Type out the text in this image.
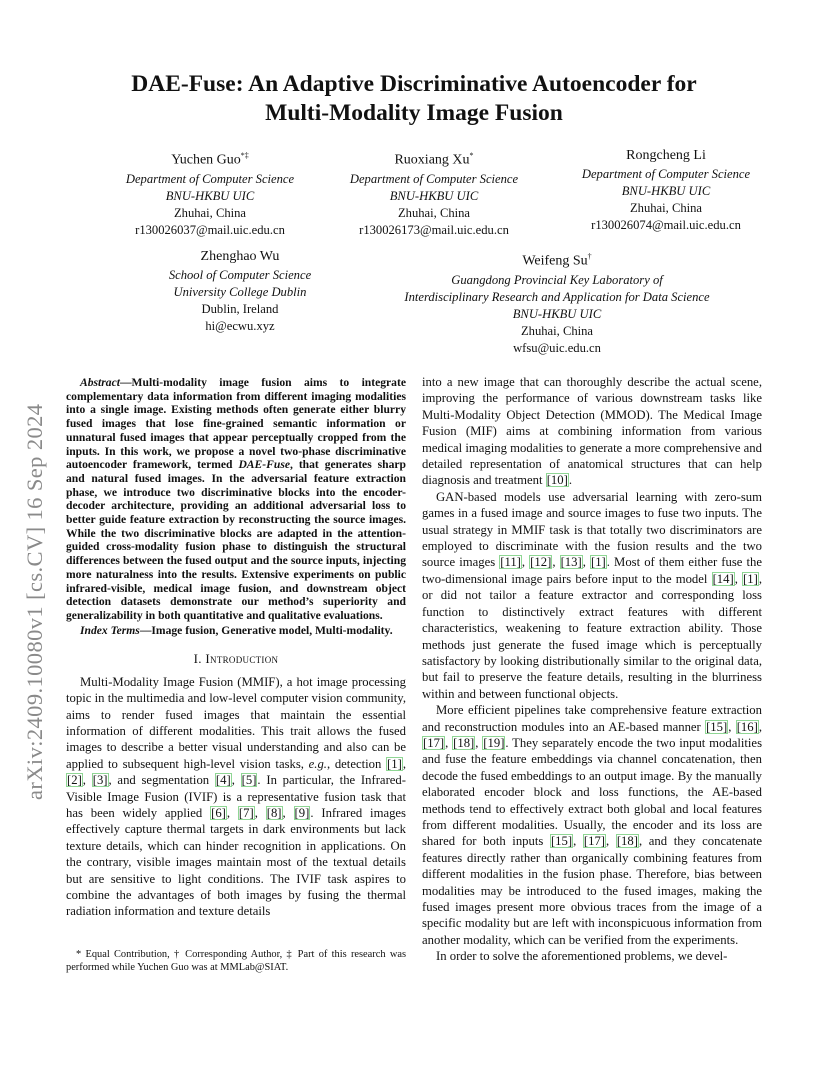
arXiv:2409.10080v1 [cs.CV] 16 Sep 2024
DAE-Fuse: An Adaptive Discriminative Autoencoder for
Multi-Modality Image Fusion
Yuchen Guo*‡
Department of Computer Science
BNU-HKBU UIC
Zhuhai, China
r130026037@mail.uic.edu.cn
Ruoxiang Xu*
Department of Computer Science
BNU-HKBU UIC
Zhuhai, China
r130026173@mail.uic.edu.cn
Rongcheng Li
Department of Computer Science
BNU-HKBU UIC
Zhuhai, China
r130026074@mail.uic.edu.cn
Zhenghao Wu
School of Computer Science
University College Dublin
Dublin, Ireland
hi@ecwu.xyz
Weifeng Su†
Guangdong Provincial Key Laboratory of
Interdisciplinary Research and Application for Data Science
BNU-HKBU UIC
Zhuhai, China
wfsu@uic.edu.cn

Abstract—Multi-modality image fusion aims to integrate complementary data information from different imaging modalities into a single image. Existing methods often generate either blurry fused images that lose fine-grained semantic information or unnatural fused images that appear perceptually cropped from the inputs. In this work, we propose a novel two-phase discriminative autoencoder framework, termed DAE-Fuse, that generates sharp and natural fused images. In the adversarial feature extraction phase, we introduce two discriminative blocks into the encoder-decoder architecture, providing an additional adversarial loss to better guide feature extraction by reconstructing the source images. While the two discriminative blocks are adapted in the attention-guided cross-modality fusion phase to distinguish the structural differences between the fused output and the source inputs, injecting more naturalness into the results. Extensive experiments on public infrared-visible, medical image fusion, and downstream object detection datasets demonstrate our method’s superiority and generalizability in both quantitative and qualitative evaluations.

Index Terms—Image fusion, Generative model, Multi-modality.

I. Introduction

Multi-Modality Image Fusion (MMIF), a hot image processing topic in the multimedia and low-level computer vision community, aims to render fused images that maintain the essential information of different modalities. This trait allows the fused images to describe a better visual understanding and also can be applied to subsequent high-level vision tasks, e.g., detection [1], [2], [3], and segmentation [4], [5]. In particular, the Infrared-Visible Image Fusion (IVIF) is a representative fusion task that has been widely applied [6], [7], [8], [9]. Infrared images effectively capture thermal targets in dark environments but lack texture details, which can hinder recognition in applications. On the contrary, visible images maintain most of the textual details but are sensitive to light conditions. The IVIF task aspires to combine the advantages of both images by fusing the thermal radiation information and texture details

* Equal Contribution, † Corresponding Author, ‡ Part of this research was performed while Yuchen Guo was at MMLab@SIAT.

into a new image that can thoroughly describe the actual scene, improving the performance of various downstream tasks like Multi-Modality Object Detection (MMOD). The Medical Image Fusion (MIF) aims at combining information from various medical imaging modalities to generate a more comprehensive and detailed representation of anatomical structures that can help diagnosis and treatment [10].

GAN-based models use adversarial learning with zero-sum games in a fused image and source images to fuse two inputs. The usual strategy in MMIF task is that totally two discriminators are employed to discriminate with the fusion results and the two source images [11], [12], [13], [1]. Most of them either fuse the two-dimensional image pairs before input to the model [14], [1], or did not tailor a feature extractor and corresponding loss function to distinctively extract features with different characteristics, weakening to feature extraction ability. Those methods just generate the fused image which is perceptually satisfactory by looking distributionally similar to the original data, but fail to preserve the feature details, resulting in the blurriness within and between functional objects.

More efficient pipelines take comprehensive feature extraction and reconstruction modules into an AE-based manner [15], [16], [17], [18], [19]. They separately encode the two input modalities and fuse the feature embeddings via channel concatenation, then decode the fused embeddings to an output image. By the manually elaborated encoder block and loss functions, the AE-based methods tend to effectively extract both global and local features from different modalities. Usually, the encoder and its loss are shared for both inputs [15], [17], [18], and they concatenate features directly rather than organically combining features from different modalities in the fusion phase. Therefore, bias between modalities may be introduced to the fused images, making the fused images present more obvious traces from the image of a specific modality but are left with inconspicuous information from another modality, which can be verified from the experiments.

In order to solve the aforementioned problems, we devel-
